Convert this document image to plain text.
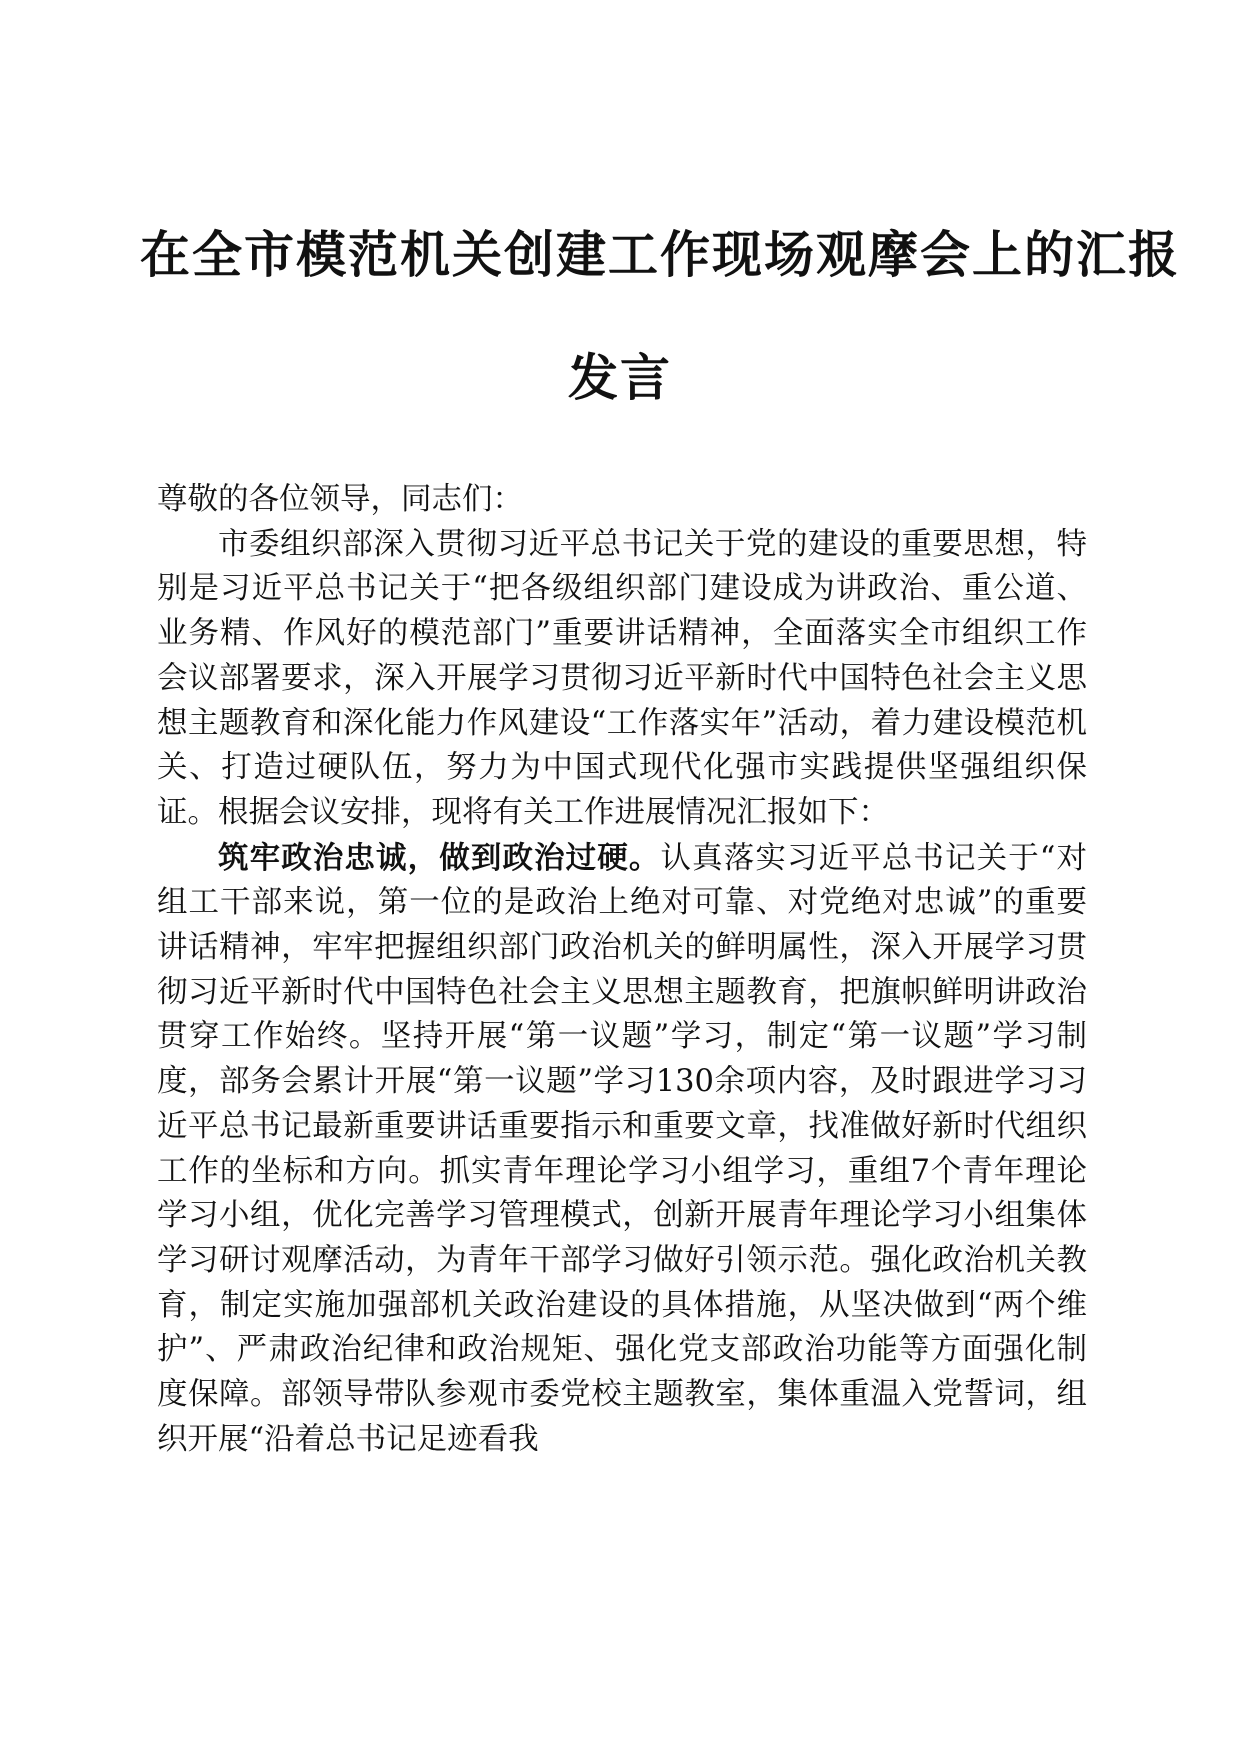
在全市模范机关创建工作现场观摩会上的汇报
发言

尊敬的各位领导，同志们：

市委组织部深入贯彻习近平总书记关于党的建设的重要思想，特别是习近平总书记关于“把各级组织部门建设成为讲政治、重公道、业务精、作风好的模范部门”重要讲话精神，全面落实全市组织工作会议部署要求，深入开展学习贯彻习近平新时代中国特色社会主义思想主题教育和深化能力作风建设“工作落实年”活动，着力建设模范机关、打造过硬队伍，努力为中国式现代化强市实践提供坚强组织保证。根据会议安排，现将有关工作进展情况汇报如下：

筑牢政治忠诚，做到政治过硬。认真落实习近平总书记关于“对组工干部来说，第一位的是政治上绝对可靠、对党绝对忠诚”的重要讲话精神，牢牢把握组织部门政治机关的鲜明属性，深入开展学习贯彻习近平新时代中国特色社会主义思想主题教育，把旗帜鲜明讲政治贯穿工作始终。坚持开展“第一议题”学习，制定“第一议题”学习制度，部务会累计开展“第一议题”学习130余项内容，及时跟进学习习近平总书记最新重要讲话重要指示和重要文章，找准做好新时代组织工作的坐标和方向。抓实青年理论学习小组学习，重组7个青年理论学习小组，优化完善学习管理模式，创新开展青年理论学习小组集体学习研讨观摩活动，为青年干部学习做好引领示范。强化政治机关教育，制定实施加强部机关政治建设的具体措施，从坚决做到“两个维护”、严肃政治纪律和政治规矩、强化党支部政治功能等方面强化制度保障。部领导带队参观市委党校主题教室，集体重温入党誓词，组织开展“沿着总书记足迹看我
